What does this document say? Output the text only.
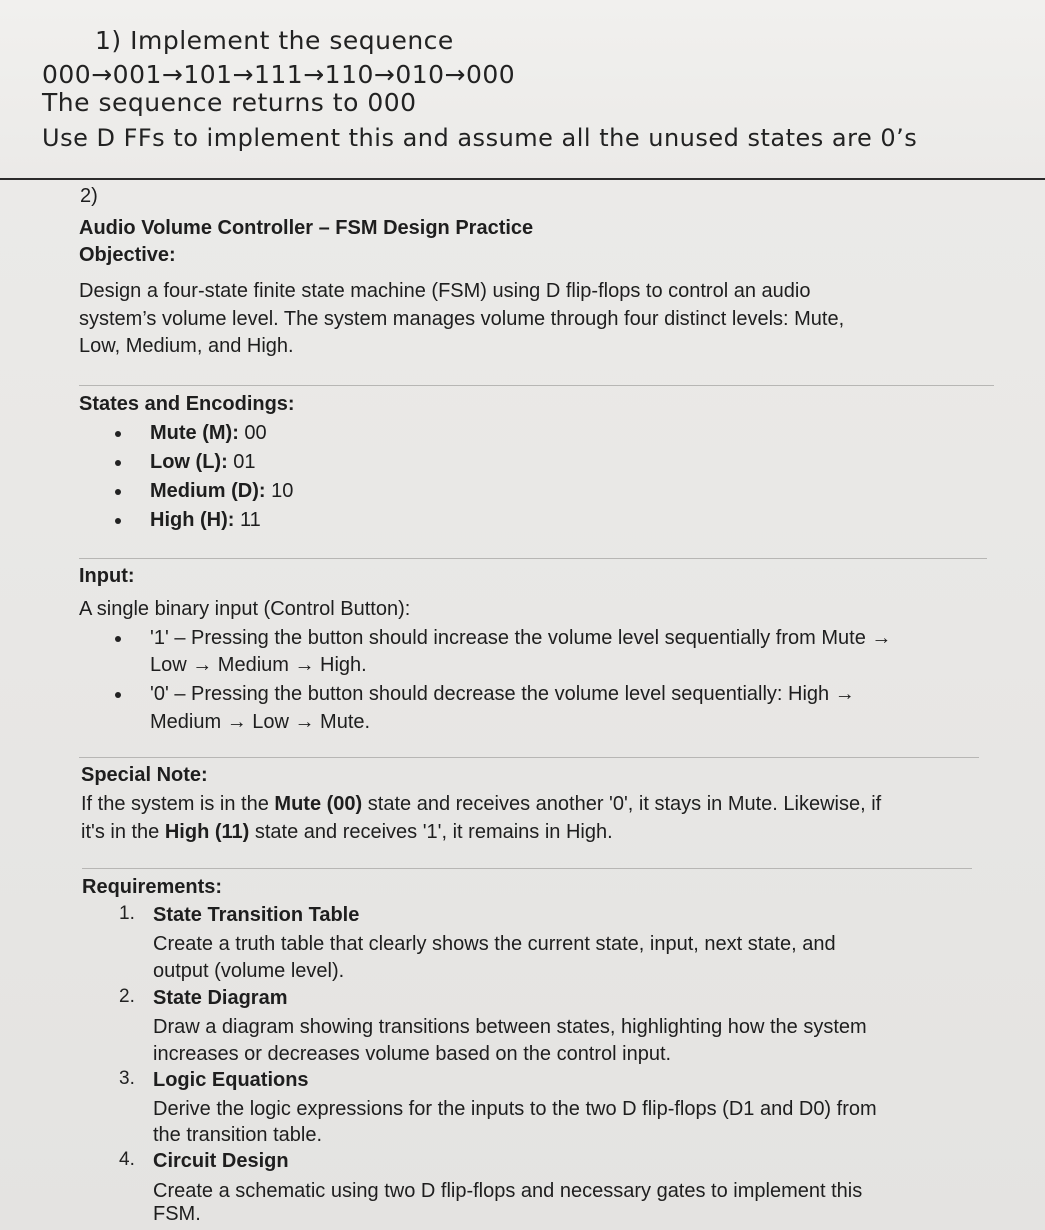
1) Implement the sequence
000→001→101→111→110→010→000
The sequence returns to 000
Use D FFs to implement this and assume all the unused states are 0’s
2)
Audio Volume Controller – FSM Design Practice
Objective:
Design a four-state finite state machine (FSM) using D flip-flops to control an audio
system’s volume level. The system manages volume through four distinct levels: Mute,
Low, Medium, and High.
States and Encodings:
Mute (M): 00
Low (L): 01
Medium (D): 10
High (H): 11
Input:
A single binary input (Control Button):
'1' – Pressing the button should increase the volume level sequentially from Mute →
Low → Medium → High.
'0' – Pressing the button should decrease the volume level sequentially: High →
Medium → Low → Mute.
Special Note:
If the system is in the Mute (00) state and receives another '0', it stays in Mute. Likewise, if
it's in the High (11) state and receives '1', it remains in High.
Requirements:
1. State Transition Table
Create a truth table that clearly shows the current state, input, next state, and
output (volume level).
2. State Diagram
Draw a diagram showing transitions between states, highlighting how the system
increases or decreases volume based on the control input.
3. Logic Equations
Derive the logic expressions for the inputs to the two D flip-flops (D1 and D0) from
the transition table.
4. Circuit Design
Create a schematic using two D flip-flops and necessary gates to implement this
FSM.
